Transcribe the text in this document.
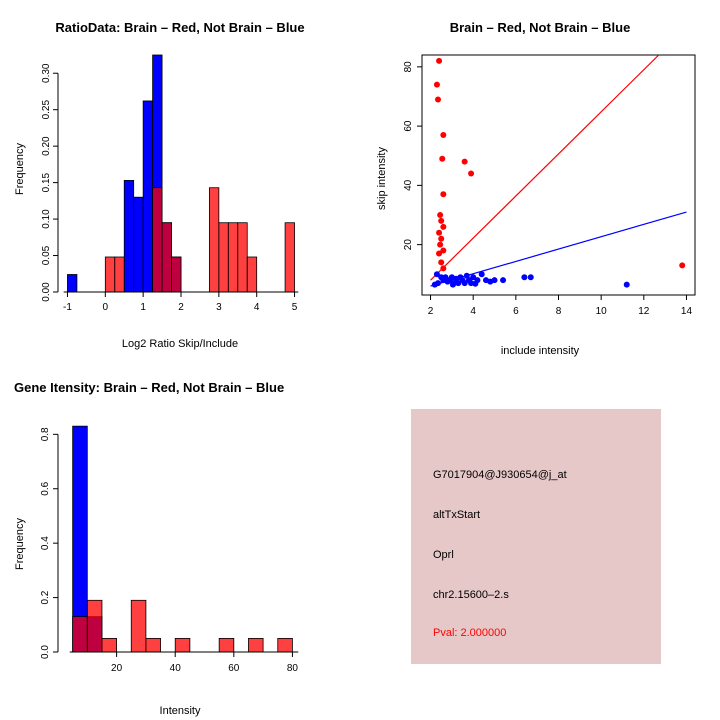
RatioData: Brain – Red, Not Brain – Blue
-1	0	1	2	3	4	5
0.00
0.05
0.10
0.15
0.20
0.25
0.30
Log2 Ratio Skip/Include
Frequency
Brain – Red, Not Brain – Blue
2	4	6	8	10	12	14
20
40
60
80
include intensity
skip intensity
Gene Itensity: Brain – Red, Not Brain – Blue
20	40	60	80
0.0
0.2
0.4
0.6
0.8
Intensity
Frequency
G7017904@J930654@j_at
altTxStart
Oprl
chr2.15600–2.s
Pval: 2.000000
